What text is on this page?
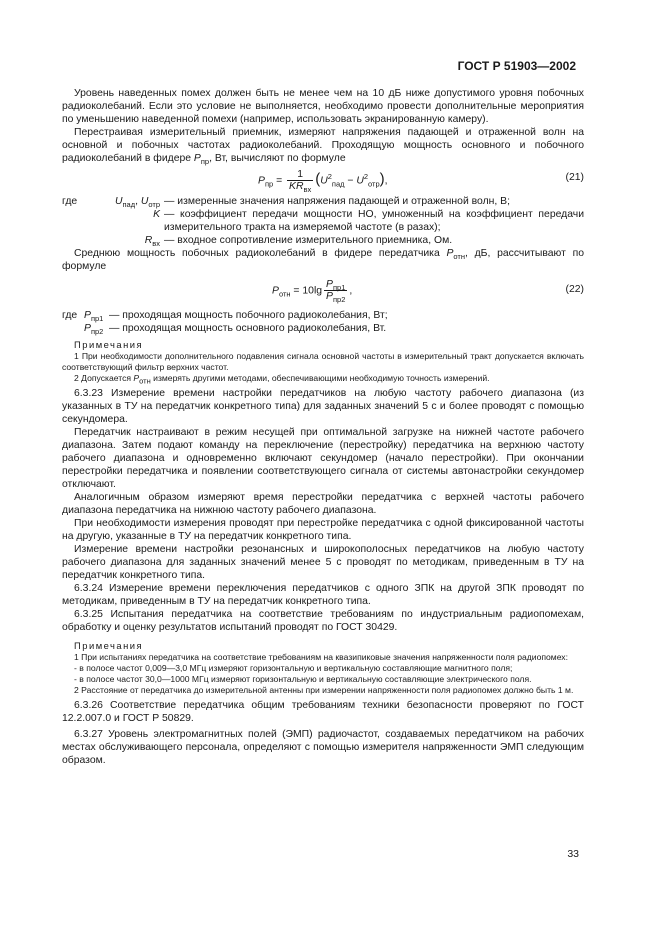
ГОСТ Р 51903—2002

Уровень наведенных помех должен быть не менее чем на 10 дБ ниже допустимого уровня побочных радиоколебаний. Если это условие не выполняется, необходимо провести дополнительные мероприятия по уменьшению наведенной помехи (например, использовать экранированную камеру).

Перестраивая измерительный приемник, измеряют напряжения падающей и отраженной волн на основной и побочных частотах радиоколебаний. Проходящую мощность основного и побочного радиоколебаний в фидере $P_{пр}$, Вт, вычисляют по формуле

$P_{пр} = \frac{1}{KR_{вх}} (U^2_{пад} - U^2_{отр})$,	(21)
где	$U_{пад}$, $U_{отр}$ — измеренные значения напряжения падающей и отраженной волн, В;
K — коэффициент передачи мощности НО, умноженный на коэффициент передачи измерительного тракта на измеряемой частоте (в разах);
$R_{вх}$ — входное сопротивление измерительного приемника, Ом.

Среднюю мощность побочных радиоколебаний в фидере передатчика $P_{отн}$, дБ, рассчитывают по формуле

$P_{отн} = 10\lg \frac{P_{пр1}}{P_{пр2}}$ ,	(22)
где $P_{пр1}$ — проходящая мощность побочного радиоколебания, Вт;
$P_{пр2}$ — проходящая мощность основного радиоколебания, Вт.
Примечания

1 При необходимости дополнительного подавления сигнала основной частоты в измерительный тракт допускается включать соответствующий фильтр верхних частот.

2 Допускается $P_{отн}$ измерять другими методами, обеспечивающими необходимую точность измерений.

6.3.23 Измерение времени настройки передатчиков на любую частоту рабочего диапазона (из указанных в ТУ на передатчик конкретного типа) для заданных значений 5 с и более проводят с помощью секундомера.

Передатчик настраивают в режим несущей при оптимальной загрузке на нижней частоте рабочего диапазона. Затем подают команду на переключение (перестройку) передатчика на верхнюю частоту рабочего диапазона и одновременно включают секундомер (начало перестройки). При окончании перестройки передатчика и появлении соответствующего сигнала от системы автонастройки секундомер отключают.

Аналогичным образом измеряют время перестройки передатчика с верхней частоты рабочего диапазона передатчика на нижнюю частоту рабочего диапазона.

При необходимости измерения проводят при перестройке передатчика с одной фиксированной частоты на другую, указанные в ТУ на передатчик конкретного типа.

Измерение времени настройки резонансных и широкополосных передатчиков на любую частоту рабочего диапазона для заданных значений менее 5 с проводят по методикам, приведенным в ТУ на передатчик конкретного типа.

6.3.24 Измерение времени переключения передатчиков с одного ЗПК на другой ЗПК проводят по методикам, приведенным в ТУ на передатчик конкретного типа.

6.3.25 Испытания передатчика на соответствие требованиям по индустриальным радиопомехам, обработку и оценку результатов испытаний проводят по ГОСТ 30429.

Примечания

1 При испытаниях передатчика на соответствие требованиям на квазипиковые значения напряженности поля радиопомех:

- в полосе частот 0,009—3,0 МГц измеряют горизонтальную и вертикальную составляющие магнитного поля;

- в полосе частот 30,0—1000 МГц измеряют горизонтальную и вертикальную составляющие электрического поля.

2 Расстояние от передатчика до измерительной антенны при измерении напряженности поля радиопомех должно быть 1 м.

6.3.26 Соответствие передатчика общим требованиям техники безопасности проверяют по ГОСТ 12.2.007.0 и ГОСТ Р 50829.

6.3.27 Уровень электромагнитных полей (ЭМП) радиочастот, создаваемых передатчиком на рабочих местах обслуживающего персонала, определяют с помощью измерителя напряженности ЭМП следующим образом.

33
